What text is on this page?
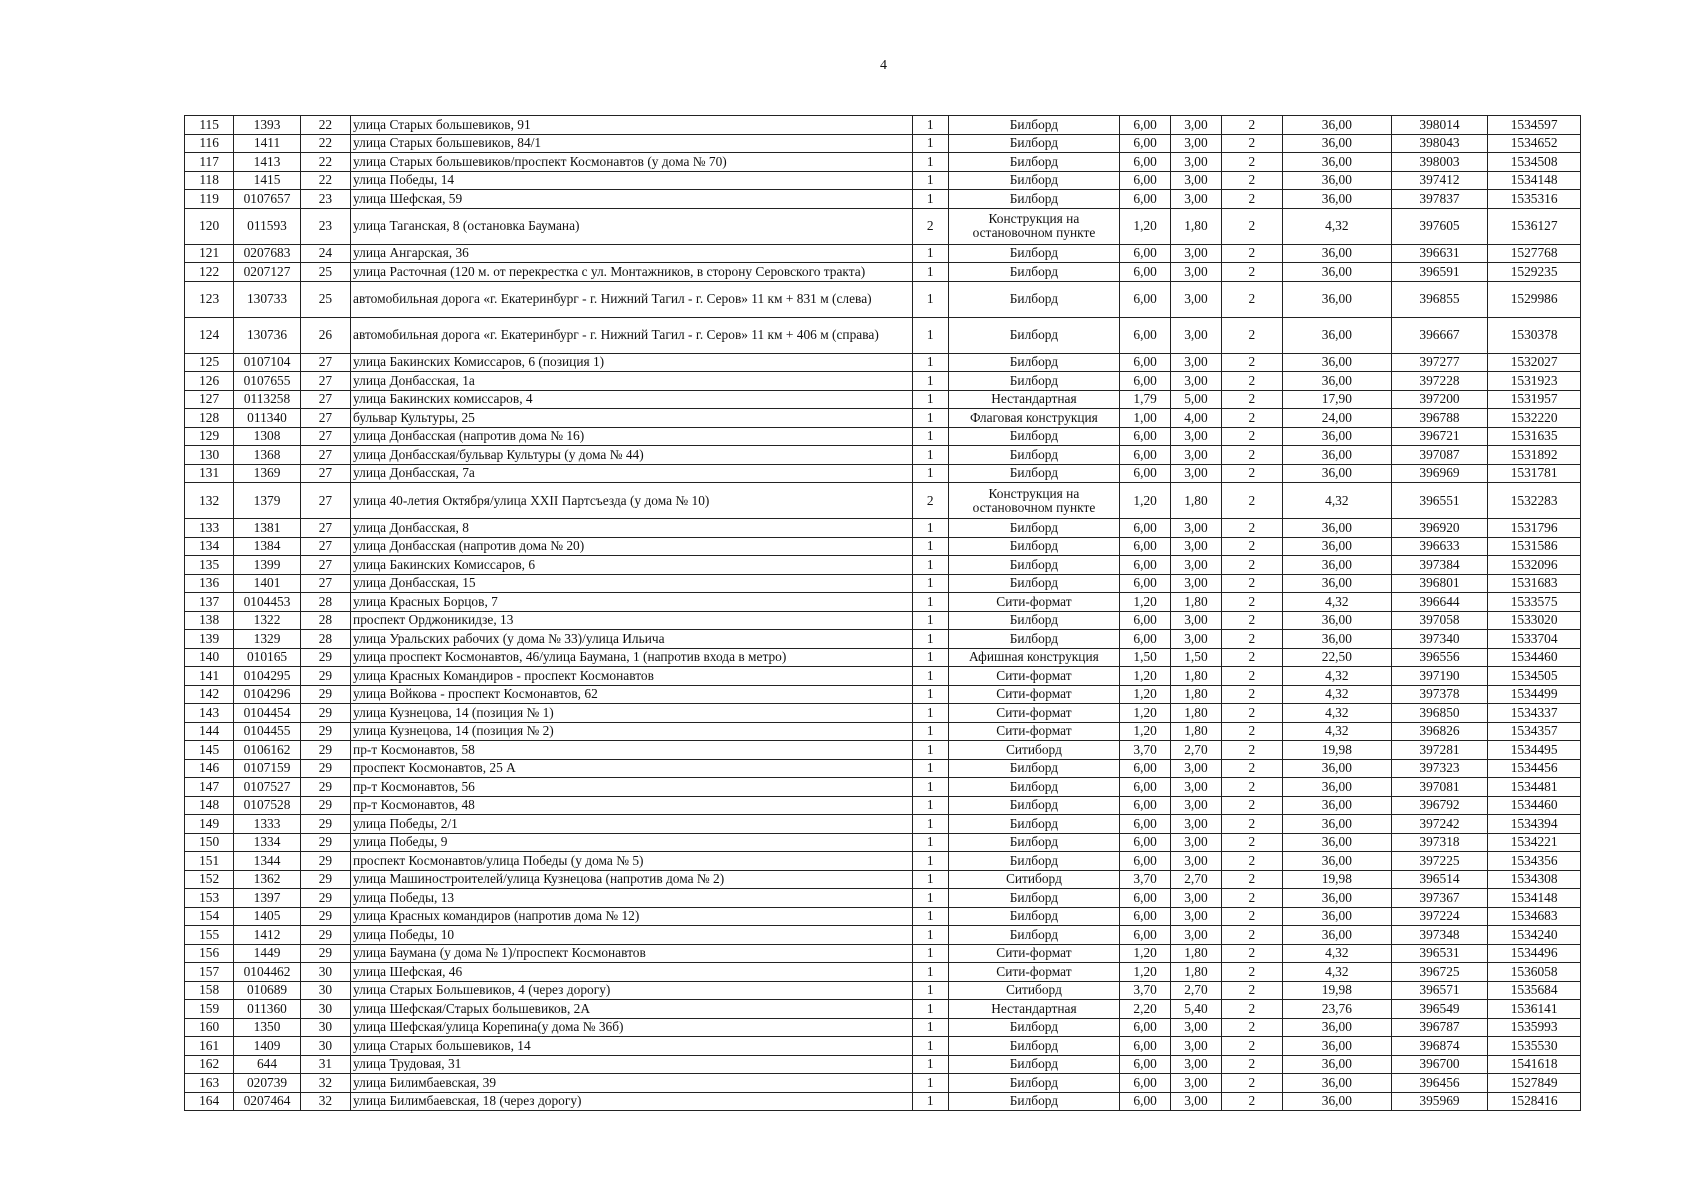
4
115	1393	22	улица Старых большевиков, 91	1	Билборд	6,00	3,00	2	36,00	398014	1534597
116	1411	22	улица Старых большевиков, 84/1	1	Билборд	6,00	3,00	2	36,00	398043	1534652
117	1413	22	улица Старых большевиков/проспект Космонавтов (у дома № 70)	1	Билборд	6,00	3,00	2	36,00	398003	1534508
118	1415	22	улица Победы, 14	1	Билборд	6,00	3,00	2	36,00	397412	1534148
119	0107657	23	улица Шефская, 59	1	Билборд	6,00	3,00	2	36,00	397837	1535316
120	011593	23	улица Таганская, 8 (остановка Баумана)	2	Конструкция на остановочном пункте	1,20	1,80	2	4,32	397605	1536127
121	0207683	24	улица Ангарская, 36	1	Билборд	6,00	3,00	2	36,00	396631	1527768
122	0207127	25	улица Расточная (120 м. от перекрестка с ул. Монтажников, в сторону Серовского тракта)	1	Билборд	6,00	3,00	2	36,00	396591	1529235
123	130733	25	автомобильная дорога «г. Екатеринбург - г. Нижний Тагил - г. Серов» 11 км + 831 м (слева)	1	Билборд	6,00	3,00	2	36,00	396855	1529986
124	130736	26	автомобильная дорога «г. Екатеринбург - г. Нижний Тагил - г. Серов» 11 км + 406 м (справа)	1	Билборд	6,00	3,00	2	36,00	396667	1530378
125	0107104	27	улица Бакинских Комиссаров, 6 (позиция 1)	1	Билборд	6,00	3,00	2	36,00	397277	1532027
126	0107655	27	улица Донбасская, 1а	1	Билборд	6,00	3,00	2	36,00	397228	1531923
127	0113258	27	улица Бакинских комиссаров, 4	1	Нестандартная	1,79	5,00	2	17,90	397200	1531957
128	011340	27	бульвар Культуры, 25	1	Флаговая конструкция	1,00	4,00	2	24,00	396788	1532220
129	1308	27	улица Донбасская (напротив дома № 16)	1	Билборд	6,00	3,00	2	36,00	396721	1531635
130	1368	27	улица Донбасская/бульвар Культуры (у дома № 44)	1	Билборд	6,00	3,00	2	36,00	397087	1531892
131	1369	27	улица Донбасская, 7а	1	Билборд	6,00	3,00	2	36,00	396969	1531781
132	1379	27	улица 40-летия Октября/улица XXII Партсъезда (у дома № 10)	2	Конструкция на остановочном пункте	1,20	1,80	2	4,32	396551	1532283
133	1381	27	улица Донбасская, 8	1	Билборд	6,00	3,00	2	36,00	396920	1531796
134	1384	27	улица Донбасская (напротив дома № 20)	1	Билборд	6,00	3,00	2	36,00	396633	1531586
135	1399	27	улица Бакинских Комиссаров, 6	1	Билборд	6,00	3,00	2	36,00	397384	1532096
136	1401	27	улица Донбасская, 15	1	Билборд	6,00	3,00	2	36,00	396801	1531683
137	0104453	28	улица Красных Борцов, 7	1	Сити-формат	1,20	1,80	2	4,32	396644	1533575
138	1322	28	проспект Орджоникидзе, 13	1	Билборд	6,00	3,00	2	36,00	397058	1533020
139	1329	28	улица Уральских рабочих (у дома № 33)/улица Ильича	1	Билборд	6,00	3,00	2	36,00	397340	1533704
140	010165	29	улица проспект Космонавтов, 46/улица Баумана, 1 (напротив входа в метро)	1	Афишная конструкция	1,50	1,50	2	22,50	396556	1534460
141	0104295	29	улица Красных Командиров - проспект Космонавтов	1	Сити-формат	1,20	1,80	2	4,32	397190	1534505
142	0104296	29	улица Войкова - проспект Космонавтов, 62	1	Сити-формат	1,20	1,80	2	4,32	397378	1534499
143	0104454	29	улица Кузнецова, 14 (позиция № 1)	1	Сити-формат	1,20	1,80	2	4,32	396850	1534337
144	0104455	29	улица Кузнецова, 14 (позиция № 2)	1	Сити-формат	1,20	1,80	2	4,32	396826	1534357
145	0106162	29	пр-т Космонавтов, 58	1	Ситиборд	3,70	2,70	2	19,98	397281	1534495
146	0107159	29	проспект Космонавтов, 25 А	1	Билборд	6,00	3,00	2	36,00	397323	1534456
147	0107527	29	пр-т Космонавтов, 56	1	Билборд	6,00	3,00	2	36,00	397081	1534481
148	0107528	29	пр-т Космонавтов, 48	1	Билборд	6,00	3,00	2	36,00	396792	1534460
149	1333	29	улица Победы, 2/1	1	Билборд	6,00	3,00	2	36,00	397242	1534394
150	1334	29	улица Победы, 9	1	Билборд	6,00	3,00	2	36,00	397318	1534221
151	1344	29	проспект Космонавтов/улица Победы (у дома № 5)	1	Билборд	6,00	3,00	2	36,00	397225	1534356
152	1362	29	улица Машиностроителей/улица Кузнецова (напротив дома № 2)	1	Ситиборд	3,70	2,70	2	19,98	396514	1534308
153	1397	29	улица Победы, 13	1	Билборд	6,00	3,00	2	36,00	397367	1534148
154	1405	29	улица Красных командиров (напротив дома № 12)	1	Билборд	6,00	3,00	2	36,00	397224	1534683
155	1412	29	улица Победы, 10	1	Билборд	6,00	3,00	2	36,00	397348	1534240
156	1449	29	улица Баумана (у дома № 1)/проспект Космонавтов	1	Сити-формат	1,20	1,80	2	4,32	396531	1534496
157	0104462	30	улица Шефская, 46	1	Сити-формат	1,20	1,80	2	4,32	396725	1536058
158	010689	30	улица Старых Большевиков, 4 (через дорогу)	1	Ситиборд	3,70	2,70	2	19,98	396571	1535684
159	011360	30	улица Шефская/Старых большевиков, 2А	1	Нестандартная	2,20	5,40	2	23,76	396549	1536141
160	1350	30	улица Шефская/улица Корепина(у дома № 36б)	1	Билборд	6,00	3,00	2	36,00	396787	1535993
161	1409	30	улица Старых большевиков, 14	1	Билборд	6,00	3,00	2	36,00	396874	1535530
162	644	31	улица Трудовая, 31	1	Билборд	6,00	3,00	2	36,00	396700	1541618
163	020739	32	улица Билимбаевская, 39	1	Билборд	6,00	3,00	2	36,00	396456	1527849
164	0207464	32	улица Билимбаевская, 18 (через дорогу)	1	Билборд	6,00	3,00	2	36,00	395969	1528416
